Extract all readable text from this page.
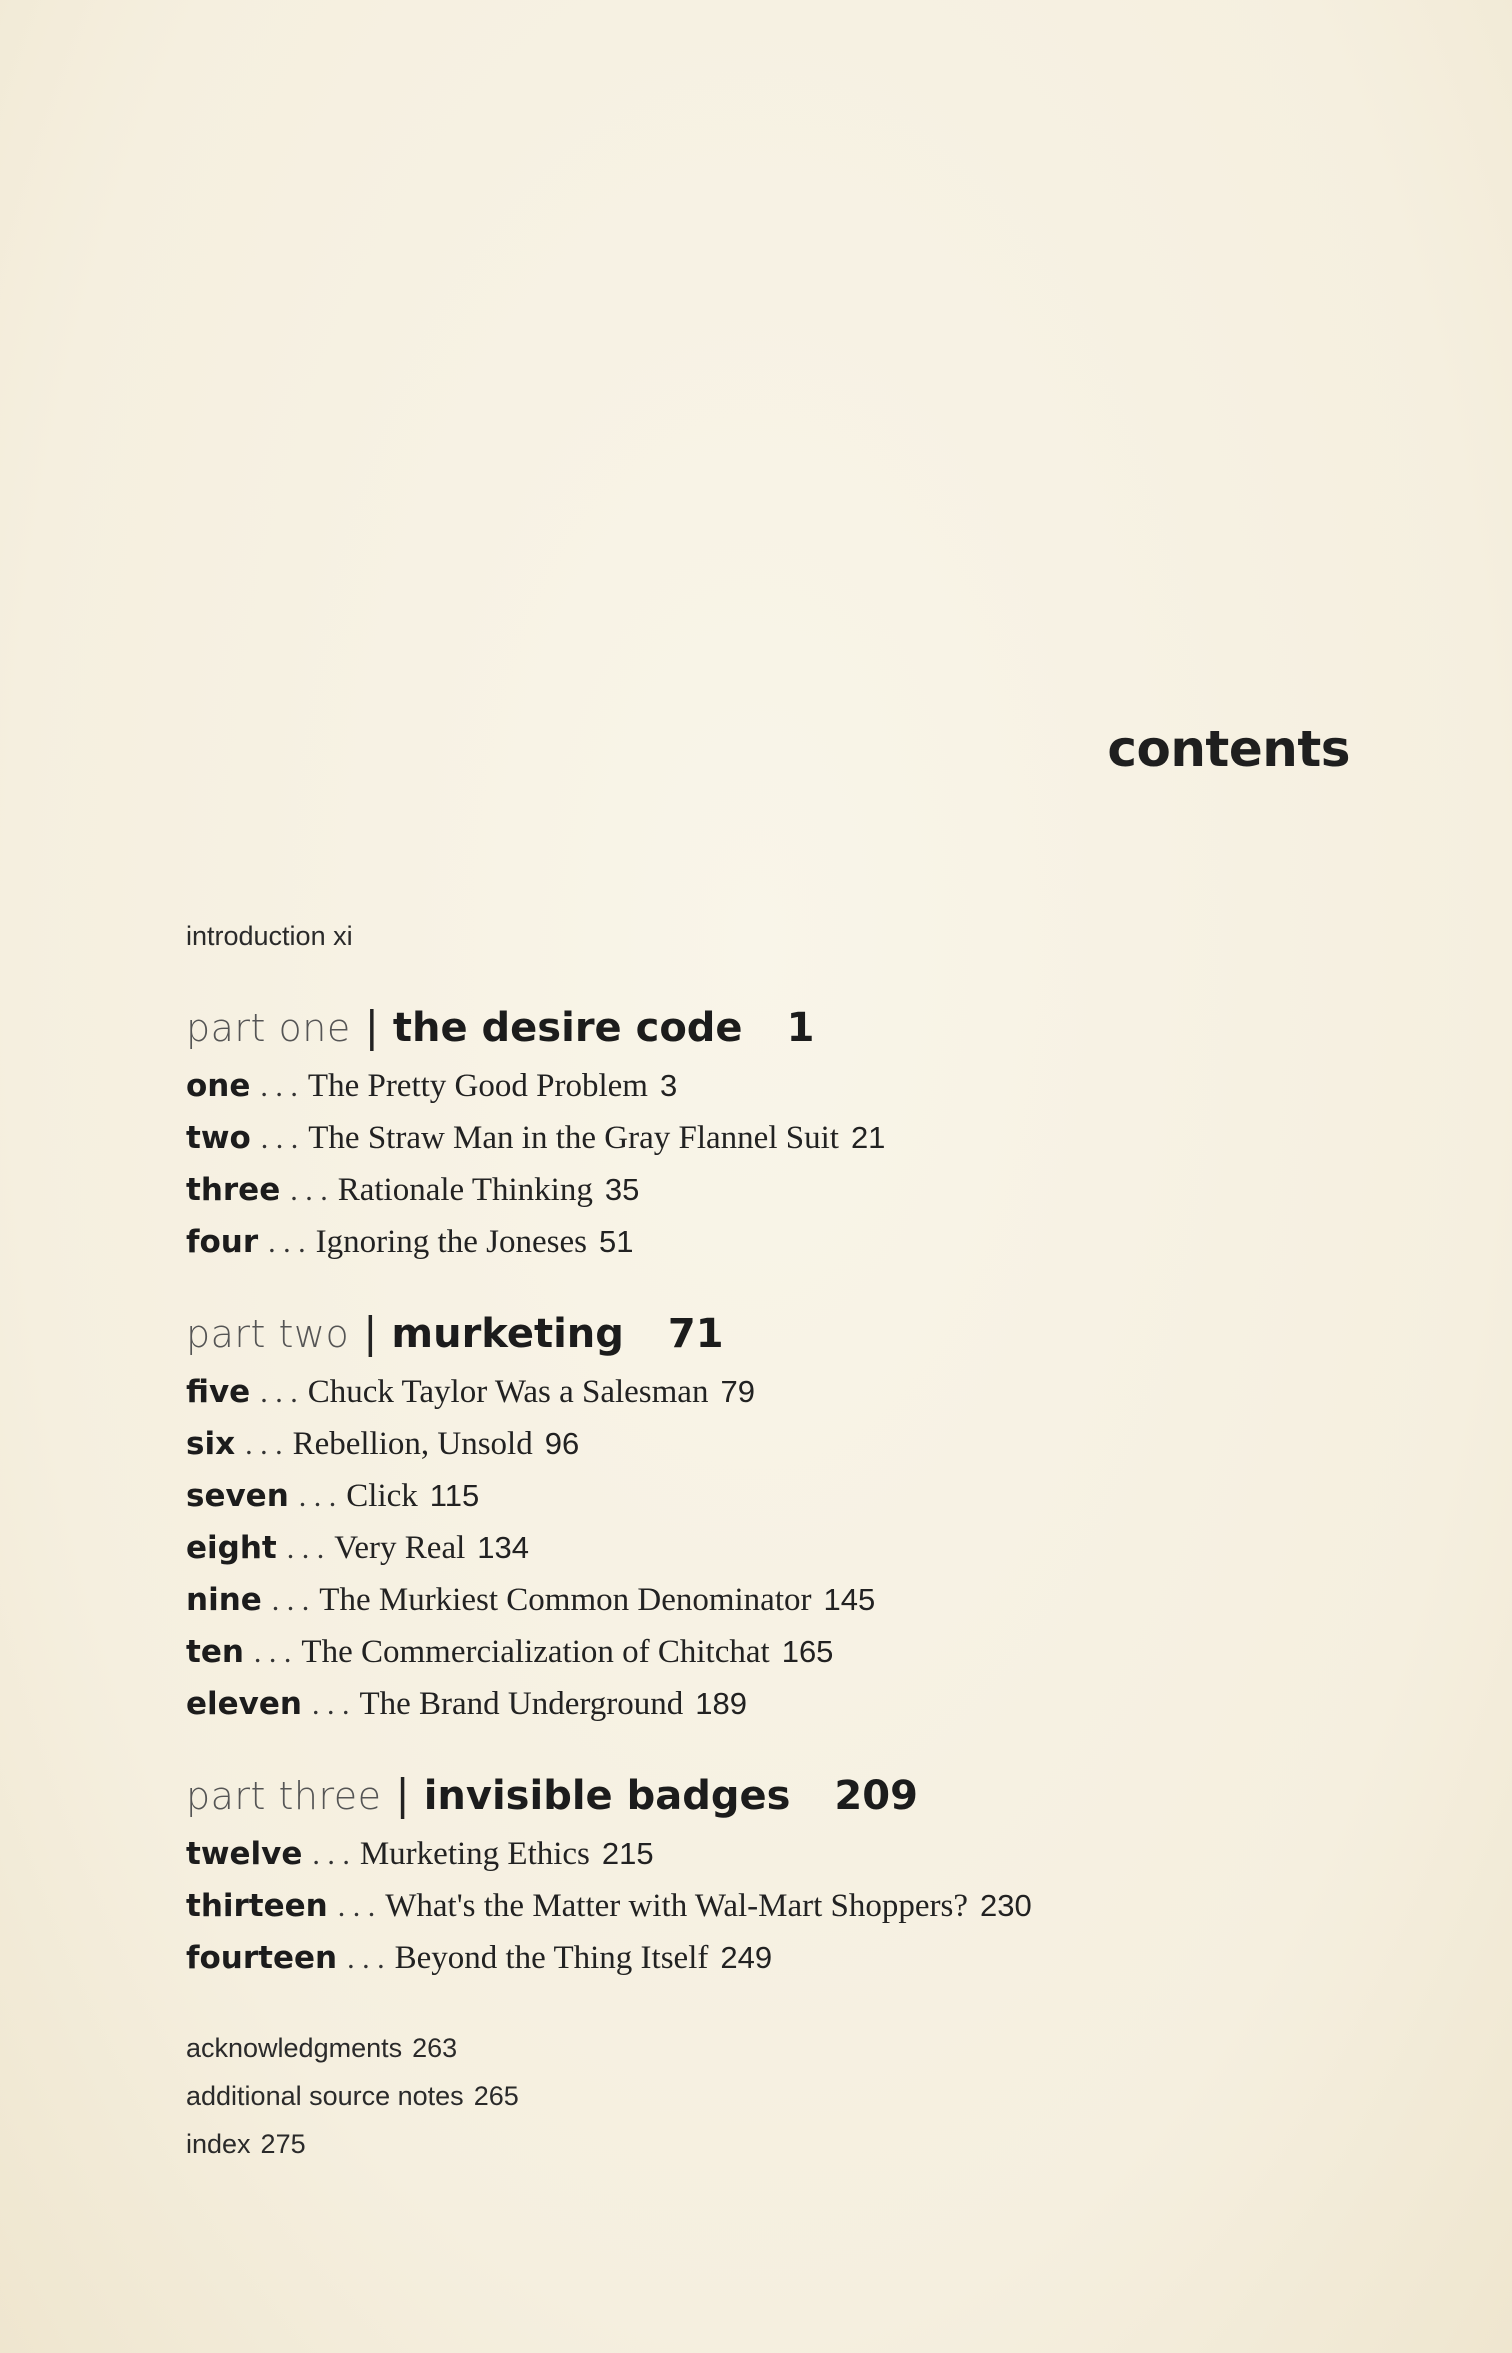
contents
introduction xi
part one | the desire code 1
one . . . The Pretty Good Problem 3
two . . . The Straw Man in the Gray Flannel Suit 21
three . . . Rationale Thinking 35
four . . . Ignoring the Joneses 51
part two | murketing 71
five . . . Chuck Taylor Was a Salesman 79
six . . . Rebellion, Unsold 96
seven . . . Click 115
eight . . . Very Real 134
nine . . . The Murkiest Common Denominator 145
ten . . . The Commercialization of Chitchat 165
eleven . . . The Brand Underground 189
part three | invisible badges 209
twelve . . . Murketing Ethics 215
thirteen . . . What's the Matter with Wal-Mart Shoppers? 230
fourteen . . . Beyond the Thing Itself 249
acknowledgments 263
additional source notes 265
index 275
